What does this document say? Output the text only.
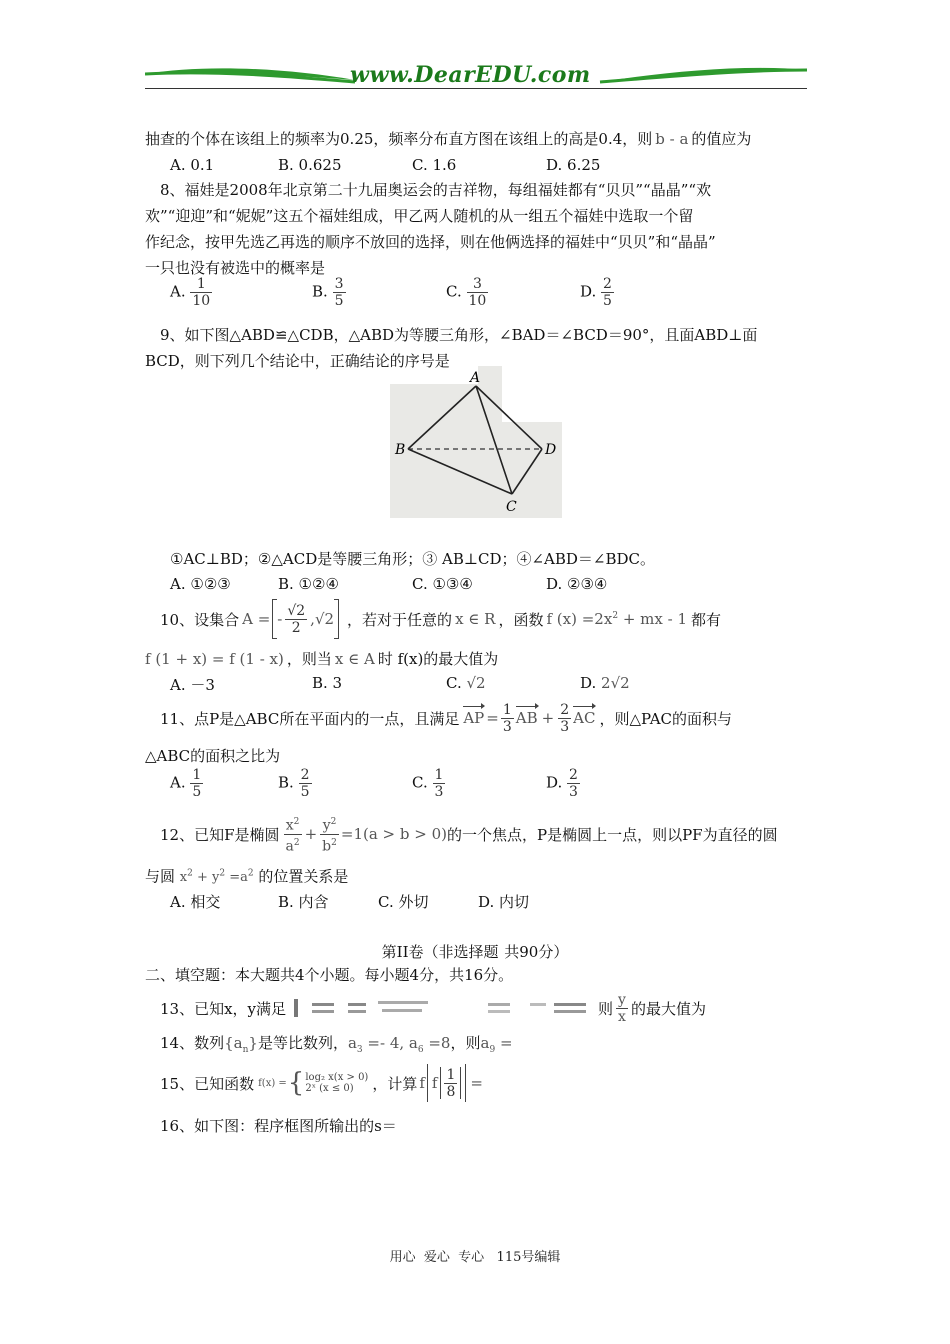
www.DearEDU.com
抽查的个体在该组上的频率为0.25，频率分布直方图在该组上的高是0.4，则 b - a 的值应为
A. 0.1	B. 0.625	C. 1.6	D. 6.25
8、福娃是2008年北京第二十九届奥运会的吉祥物，每组福娃都有“贝贝”“晶晶”“欢
欢”“迎迎”和“妮妮”这五个福娃组成，甲乙两人随机的从一组五个福娃中选取一个留
作纪念，按甲先选乙再选的顺序不放回的选择，则在他俩选择的福娃中“贝贝”和“晶晶”
一只也没有被选中的概率是
A. $\frac{1}{10}$	B. $\frac{3}{5}$	C. $\frac{3}{10}$	D. $\frac{2}{5}$
9、如下图△ABD≌△CDB，△ABD为等腰三角形，∠BAD＝∠BCD＝90°，且面ABD⊥面
BCD，则下列几个结论中，正确结论的序号是
A
B	D
C
①AC⊥BD；②△ACD是等腰三角形；③ AB⊥CD；④∠ABD＝∠BDC。
A. ①②③	B. ①②④	C. ①③④	D. ②③④
10、设集合 A = - $\frac{√2}{2} ,√2$ ，若对于任意的 x ∈ R ，函数 f $(x) =2x^2$ + mx - 1 都有
f (1 + x) = f (1 - x) ，则当 x ∈ A 时 f(x)的最大值为
A. －3	B. 3	C. √2	D. 2√2
11、点P是△ABC所在平面内的一点，且满足 AP = $\frac{1}{3}$ AB + $\frac{2}{3}$ AC ，则△PAC的面积与
△ABC的面积之比为
A. $\frac{1}{5}$	B. $\frac{2}{5}$	C. $\frac{1}{3}$	D. $\frac{2}{3}$
12、已知F是椭圆 $\frac{x^2}{a^2} + \frac{y^2}{b^2} =1(a > b > 0)$ 的一个焦点，P是椭圆上一点，则以PF为直径的圆
与圆 $x^2 + y^2 =a^2$ 的位置关系是
A. 相交	B. 内含	C. 外切	D. 内切
第II卷（非选择题 共90分）
二、填空题：本大题共4个小题。每小题4分，共16分。
13、已知x，y满足	则 $\frac{y}{x}$ 的最大值为
14、数列$\{a_n\}$是等比数列，$a_3 =- 4$, $a_6 =8$，则$a_9$ =
15、已知函数 f(x) = { log₂ x(x > 0)
2ˣ (x ≤ 0)	，计算 f f $\frac{1}{8}$ =
16、如下图：程序框图所输出的s＝
用心  爱心  专心   115号编辑
